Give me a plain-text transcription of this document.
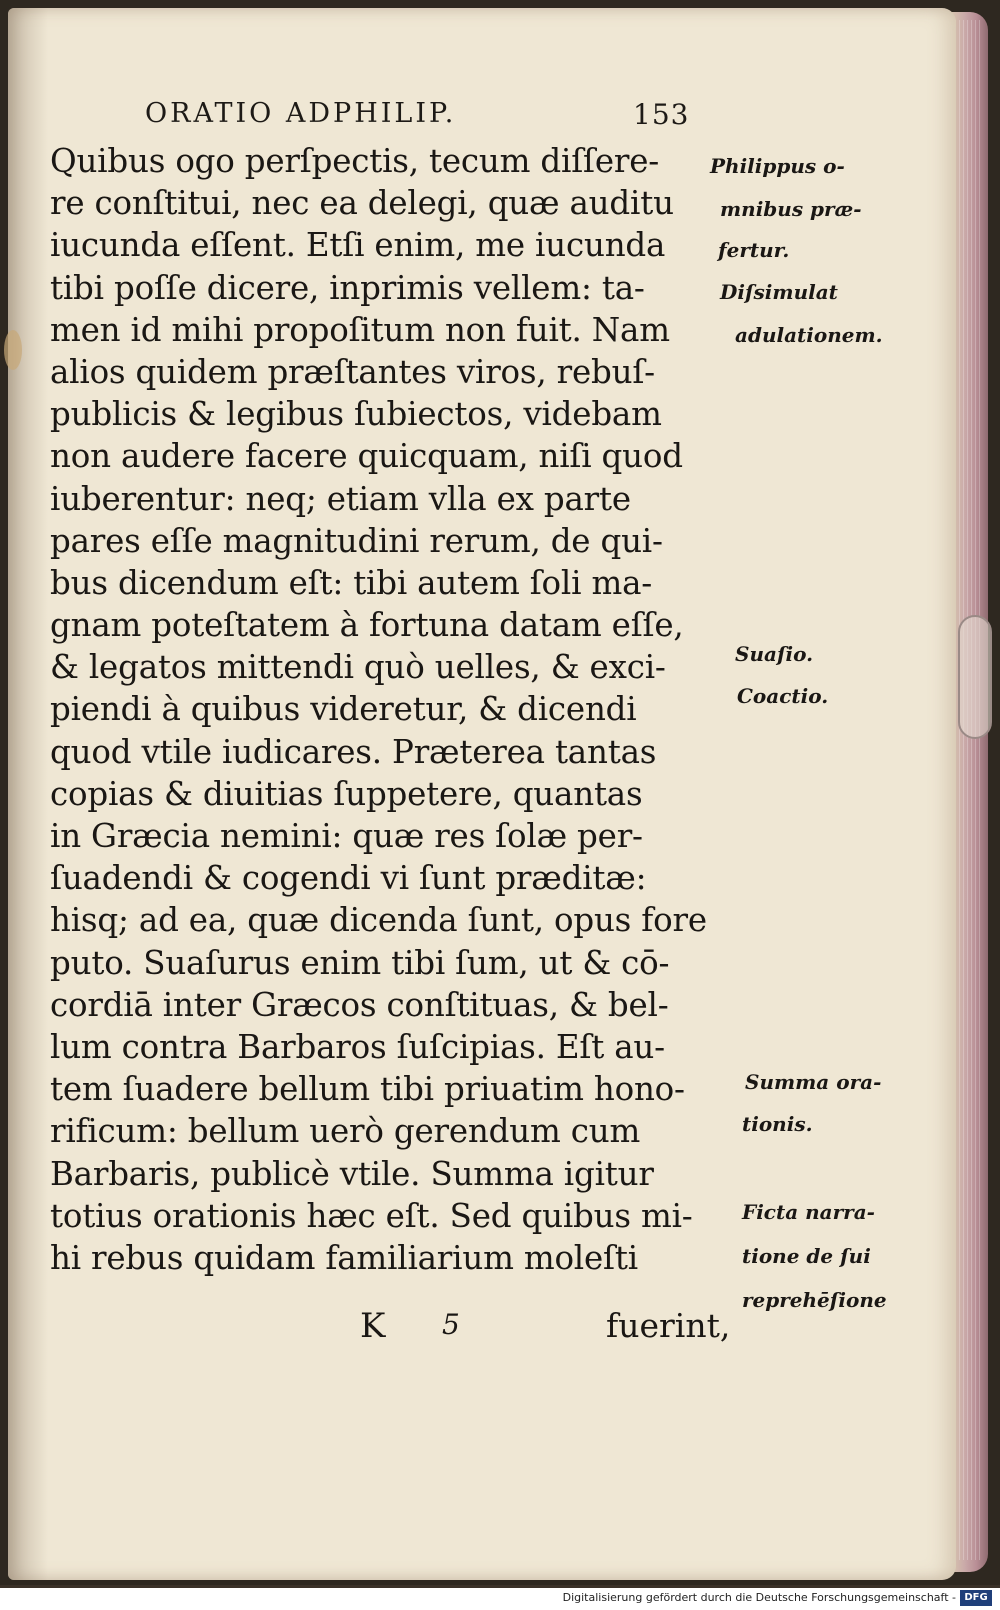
ORATIO ADPHILIP.	153
Quibus ogo perſpectis, tecum diſſere-
re conſtitui, nec ea delegi, quæ auditu
iucunda eſſent. Etſi enim, me iucunda
tibi poſſe dicere, inprimis vellem: ta-
men id mihi propoſitum non fuit. Nam
alios quidem præſtantes viros, rebuſ-
publicis & legibus ſubiectos, videbam
non audere facere quicquam, niſi quod
iuberentur: neq; etiam vlla ex parte
pares eſſe magnitudini rerum, de qui-
bus dicendum eſt: tibi autem ſoli ma-
gnam poteſtatem à fortuna datam eſſe,
& legatos mittendi quò uelles, & exci-
piendi à quibus videretur, & dicendi
quod vtile iudicares. Præterea tantas
copias & diuitias ſuppetere, quantas
in Græcia nemini: quæ res ſolæ per-
ſuadendi & cogendi vi ſunt præditæ:
hisq; ad ea, quæ dicenda ſunt, opus fore
puto. Suaſurus enim tibi ſum, ut & cō-
cordiā inter Græcos conſtituas, & bel-
lum contra Barbaros ſuſcipias. Eſt au-
tem ſuadere bellum tibi priuatim hono-
rificum: bellum uerò gerendum cum
Barbaris, publicè vtile. Summa igitur
totius orationis hæc eſt. Sed quibus mi-
hi rebus quidam familiarium moleſti
Philippus o-
mnibus præ-
fertur.
Diſsimulat
adulationem.
Suaſio.
Coactio.
Summa ora-
tionis.
Ficta narra-
tione de ſui
reprehēſione
K 5	fuerint,
Digitalisierung gefördert durch die Deutsche Forschungsgemeinschaft - DFG
